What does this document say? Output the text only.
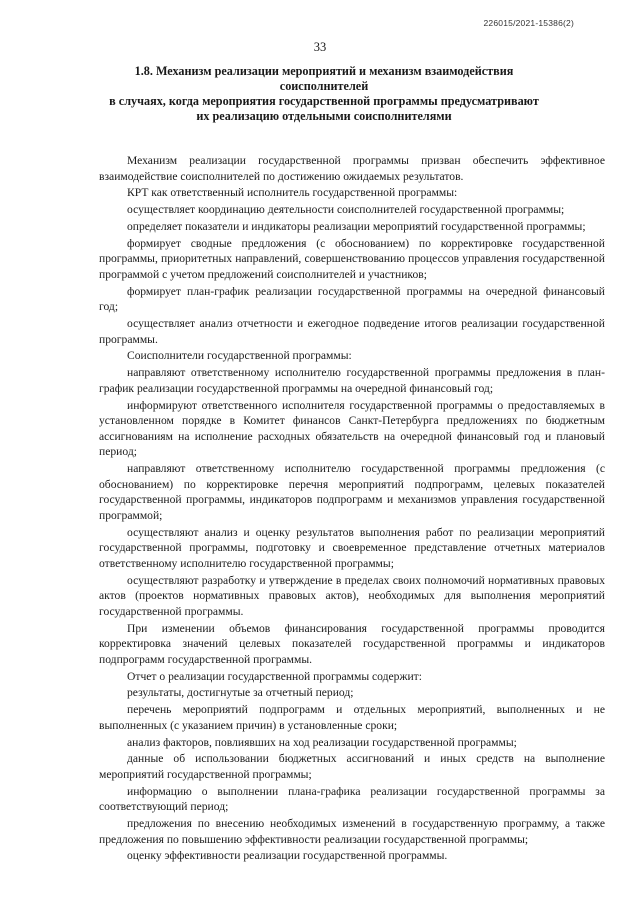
226015/2021-15386(2)
33
1.8. Механизм реализации мероприятий и механизм взаимодействия соисполнителей
в случаях, когда мероприятия государственной программы предусматривают
их реализацию отдельными соисполнителями

Механизм реализации государственной программы призван обеспечить эффективное взаимодействие соисполнителей по достижению ожидаемых результатов.

КРТ как ответственный исполнитель государственной программы:

осуществляет координацию деятельности соисполнителей государственной программы;

определяет показатели и индикаторы реализации мероприятий государственной программы;

формирует сводные предложения (с обоснованием) по корректировке государственной программы, приоритетных направлений, совершенствованию процессов управления государственной программой с учетом предложений соисполнителей и участников;

формирует план-график реализации государственной программы на очередной финансовый год;

осуществляет анализ отчетности и ежегодное подведение итогов реализации государственной программы.

Соисполнители государственной программы:

направляют ответственному исполнителю государственной программы предложения в план-график реализации государственной программы на очередной финансовый год;

информируют ответственного исполнителя государственной программы о предоставляемых в установленном порядке в Комитет финансов Санкт-Петербурга предложениях по бюджетным ассигнованиям на исполнение расходных обязательств на очередной финансовый год и плановый период;

направляют ответственному исполнителю государственной программы предложения (с обоснованием) по корректировке перечня мероприятий подпрограмм, целевых показателей государственной программы, индикаторов подпрограмм и механизмов управления государственной программой;

осуществляют анализ и оценку результатов выполнения работ по реализации мероприятий государственной программы, подготовку и своевременное представление отчетных материалов ответственному исполнителю государственной программы;

осуществляют разработку и утверждение в пределах своих полномочий нормативных правовых актов (проектов нормативных правовых актов), необходимых для выполнения мероприятий государственной программы.

При изменении объемов финансирования государственной программы проводится корректировка значений целевых показателей государственной программы и индикаторов подпрограмм государственной программы.

Отчет о реализации государственной программы содержит:

результаты, достигнутые за отчетный период;

перечень мероприятий подпрограмм и отдельных мероприятий, выполненных и не выполненных (с указанием причин) в установленные сроки;

анализ факторов, повлиявших на ход реализации государственной программы;

данные об использовании бюджетных ассигнований и иных средств на выполнение мероприятий государственной программы;

информацию о выполнении плана-графика реализации государственной программы за соответствующий период;

предложения по внесению необходимых изменений в государственную программу, а также предложения по повышению эффективности реализации государственной программы;

оценку эффективности реализации государственной программы.
